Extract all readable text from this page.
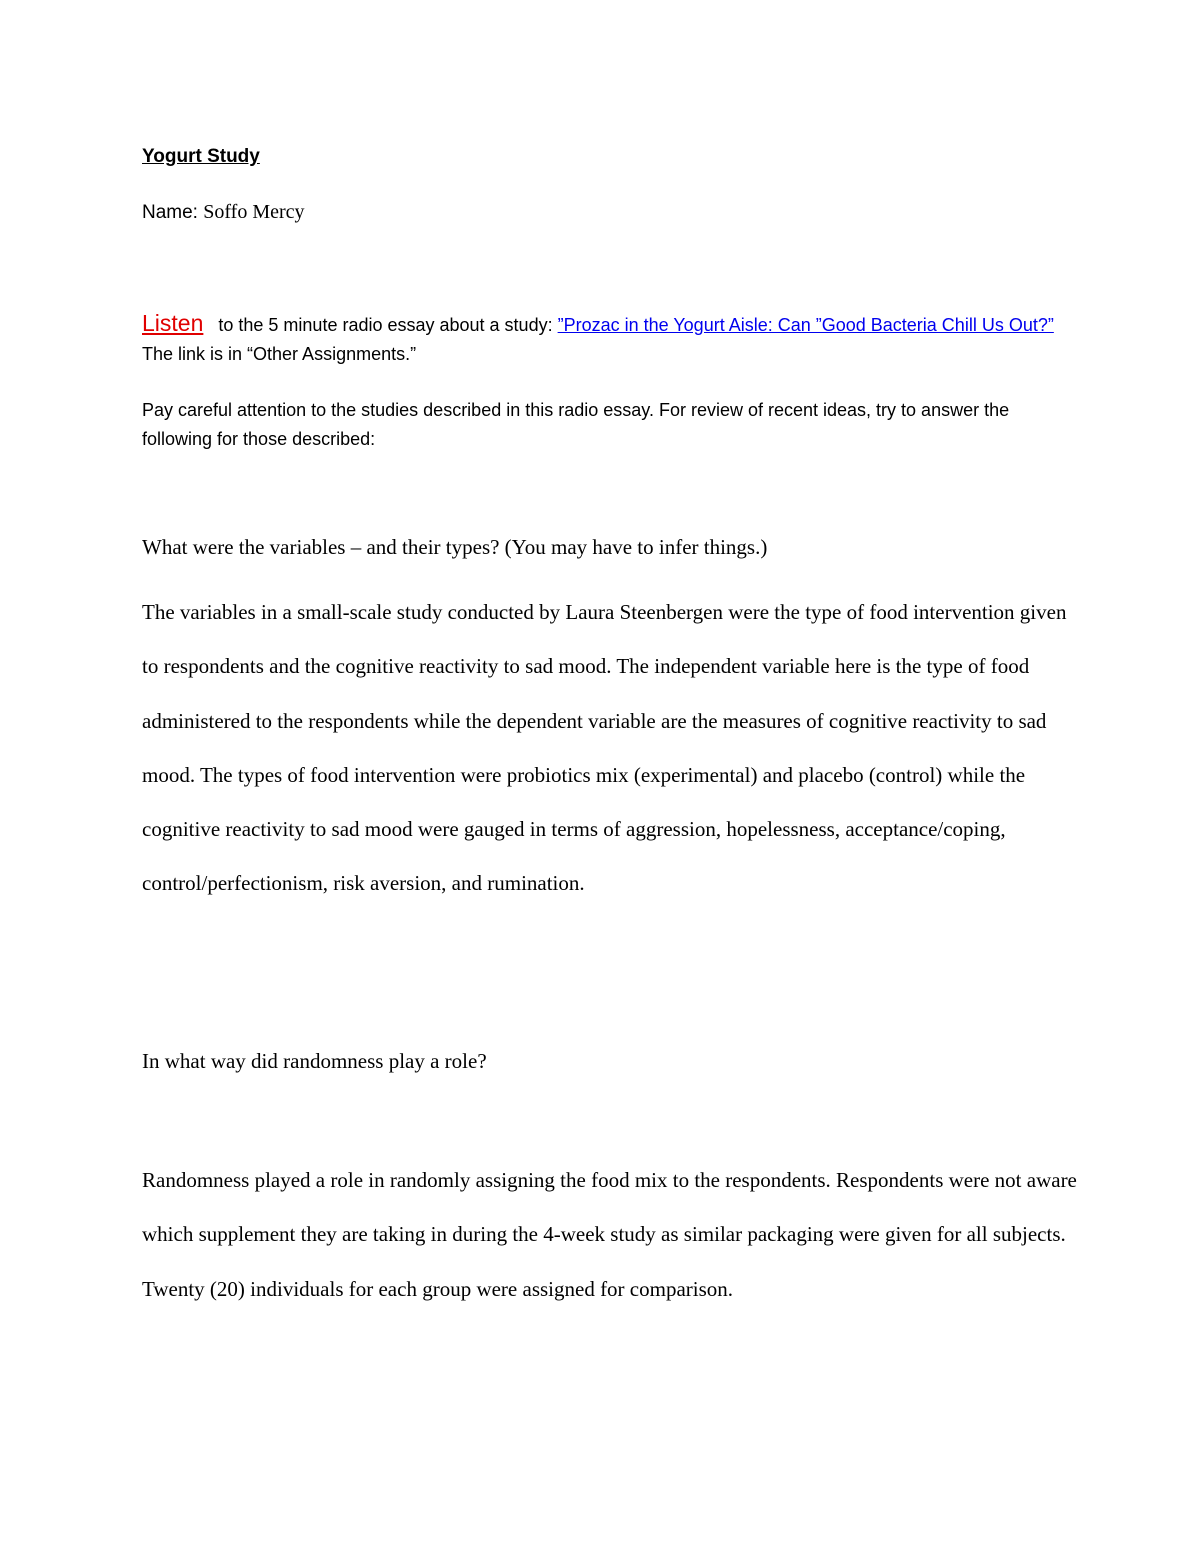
Yogurt Study

Name: Soffo Mercy

Listen to the 5 minute radio essay about a study: ”Prozac in the Yogurt Aisle: Can ”Good Bacteria Chill Us Out?” The link is in “Other Assignments.”

Pay careful attention to the studies described in this radio essay. For review of recent ideas, try to answer the following for those described:

What were the variables – and their types? (You may have to infer things.)

The variables in a small-scale study conducted by Laura Steenbergen were the type of food intervention given to respondents and the cognitive reactivity to sad mood. The independent variable here is the type of food administered to the respondents while the dependent variable are the measures of cognitive reactivity to sad mood. The types of food intervention were probiotics mix (experimental) and placebo (control) while the cognitive reactivity to sad mood were gauged in terms of aggression, hopelessness, acceptance/coping, control/perfectionism, risk aversion, and rumination.

In what way did randomness play a role?

Randomness played a role in randomly assigning the food mix to the respondents. Respondents were not aware which supplement they are taking in during the 4-week study as similar packaging were given for all subjects. Twenty (20) individuals for each group were assigned for comparison.
